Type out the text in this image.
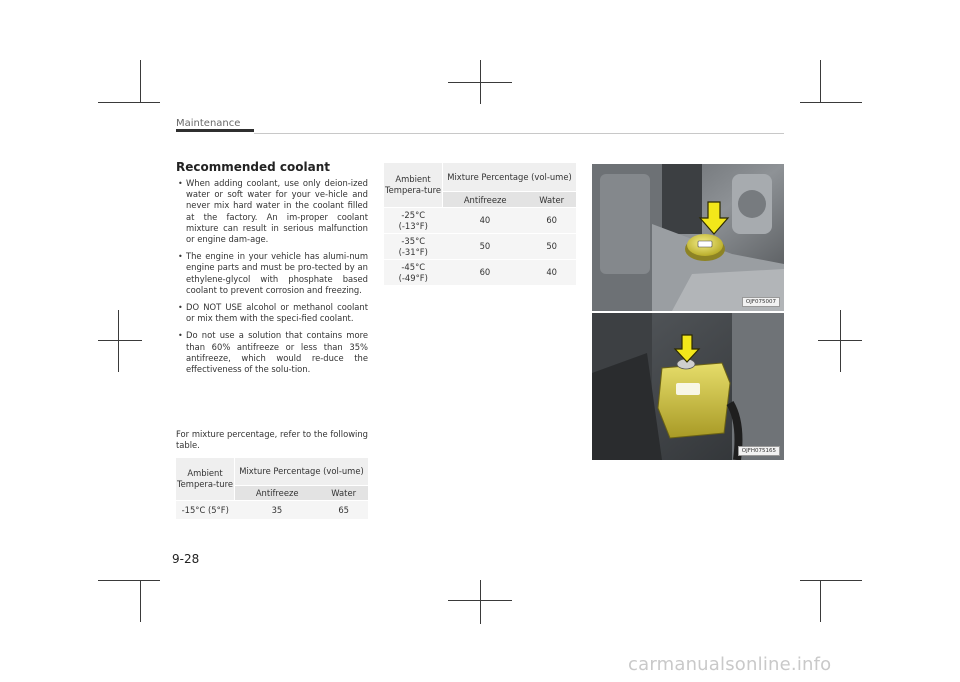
Maintenance
Recommended coolant
• When adding coolant, use only deion-ized water or soft water for your ve-hicle and never mix hard water in the coolant filled at the factory. An im-proper coolant mixture can result in serious malfunction or engine dam-age.
• The engine in your vehicle has alumi-num engine parts and must be pro-tected by an ethylene-glycol with phosphate based coolant to prevent corrosion and freezing.
• DO NOT USE alcohol or methanol coolant or mix them with the speci-fied coolant.
• Do not use a solution that contains more than 60% antifreeze or less than 35% antifreeze, which would re-duce the effectiveness of the solu-tion.

For mixture percentage, refer to the following table.

Ambient Tempera-ture	Mixture Percentage (vol-ume)	
	Antifreeze	Water
-15°C (5°F)	35	65
Ambient Tempera-ture	Mixture Percentage (vol-ume)	
	Antifreeze	Water

-25°C
(-13°F)	40	60

-35°C
(-31°F)	50	50

-45°C
(-49°F)	60	40
OJF075007
OJFH075165
9-28
carmanualsonline.info
